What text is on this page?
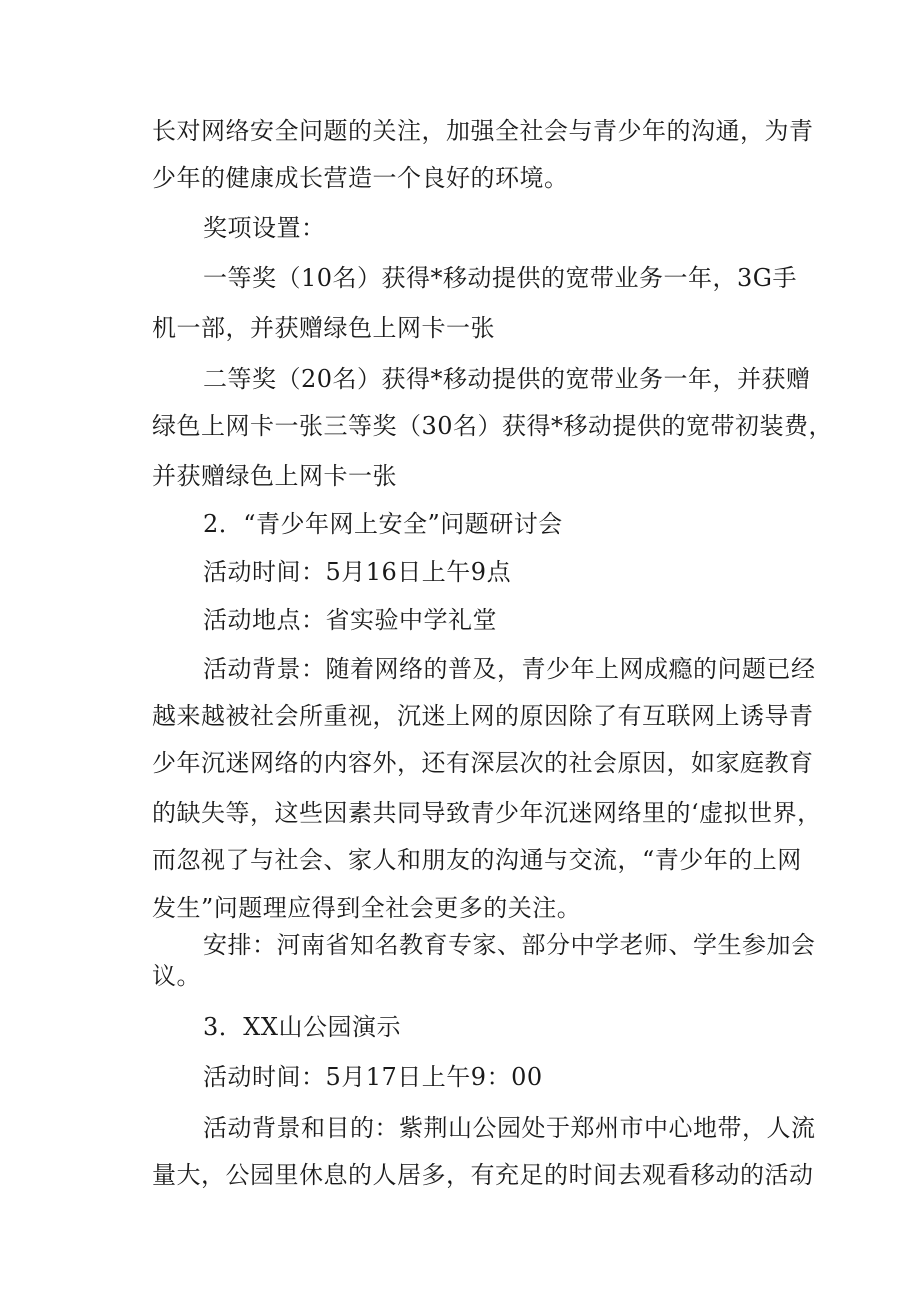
长对网络安全问题的关注，加强全社会与青少年的沟通，为青
少年的健康成长营造一个良好的环境。
奖项设置：
一等奖（10名）获得*移动提供的宽带业务一年，3G手
机一部，并获赠绿色上网卡一张
二等奖（20名）获得*移动提供的宽带业务一年，并获赠
绿色上网卡一张三等奖（30名）获得*移动提供的宽带初装费，
并获赠绿色上网卡一张
2．“青少年网上安全”问题研讨会
活动时间：5月16日上午9点
活动地点：省实验中学礼堂
活动背景：随着网络的普及，青少年上网成瘾的问题已经
越来越被社会所重视，沉迷上网的原因除了有互联网上诱导青
少年沉迷网络的内容外，还有深层次的社会原因，如家庭教育
的缺失等，这些因素共同导致青少年沉迷网络里的‘虚拟世界，
而忽视了与社会、家人和朋友的沟通与交流，“青少年的上网
发生”问题理应得到全社会更多的关注。
安排：河南省知名教育专家、部分中学老师、学生参加会
议。
3．XX山公园演示
活动时间：5月17日上午9：00
活动背景和目的：紫荆山公园处于郑州市中心地带，人流
量大，公园里休息的人居多，有充足的时间去观看移动的活动
